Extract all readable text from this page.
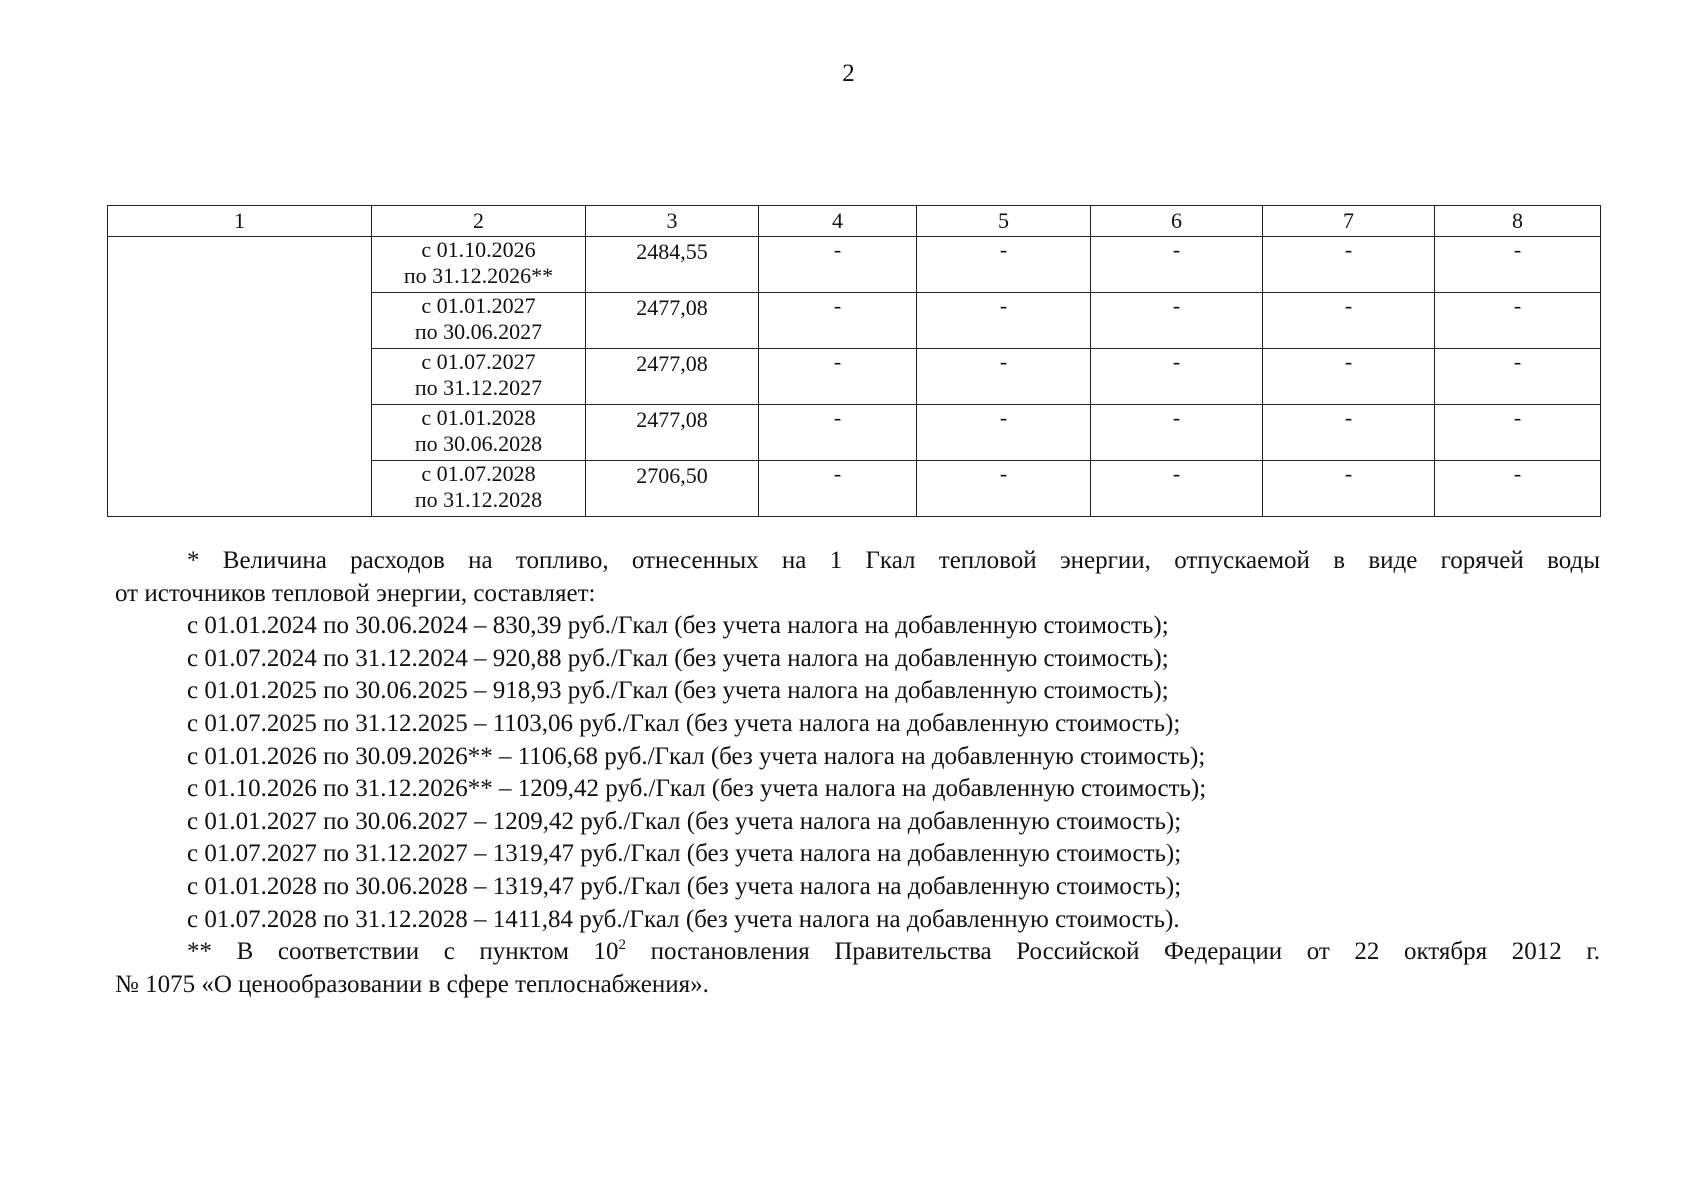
2
1	2	3	4	5	6	7	8
	с 01.10.2026
по 31.12.2026**	2484,55	-	-	-	-	-
	с 01.01.2027
по 30.06.2027	2477,08	-	-	-	-	-
	с 01.07.2027
по 31.12.2027	2477,08	-	-	-	-	-
	с 01.01.2028
по 30.06.2028	2477,08	-	-	-	-	-
	с 01.07.2028
по 31.12.2028	2706,50	-	-	-	-	-

* Величина расходов на топливо, отнесенных на 1 Гкал тепловой энергии, отпускаемой в виде горячей воды

от источников тепловой энергии, составляет:

с 01.01.2024 по 30.06.2024 – 830,39 руб./Гкал (без учета налога на добавленную стоимость);

с 01.07.2024 по 31.12.2024 – 920,88 руб./Гкал (без учета налога на добавленную стоимость);

с 01.01.2025 по 30.06.2025 – 918,93 руб./Гкал (без учета налога на добавленную стоимость);

с 01.07.2025 по 31.12.2025 – 1103,06 руб./Гкал (без учета налога на добавленную стоимость);

с 01.01.2026 по 30.09.2026** – 1106,68 руб./Гкал (без учета налога на добавленную стоимость);

с 01.10.2026 по 31.12.2026** – 1209,42 руб./Гкал (без учета налога на добавленную стоимость);

с 01.01.2027 по 30.06.2027 – 1209,42 руб./Гкал (без учета налога на добавленную стоимость);

с 01.07.2027 по 31.12.2027 – 1319,47 руб./Гкал (без учета налога на добавленную стоимость);

с 01.01.2028 по 30.06.2028 – 1319,47 руб./Гкал (без учета налога на добавленную стоимость);

с 01.07.2028 по 31.12.2028 – 1411,84 руб./Гкал (без учета налога на добавленную стоимость).

** В соответствии с пунктом $10^2$ постановления Правительства Российской Федерации от 22 октября 2012 г.

№ 1075 «О ценообразовании в сфере теплоснабжения».
